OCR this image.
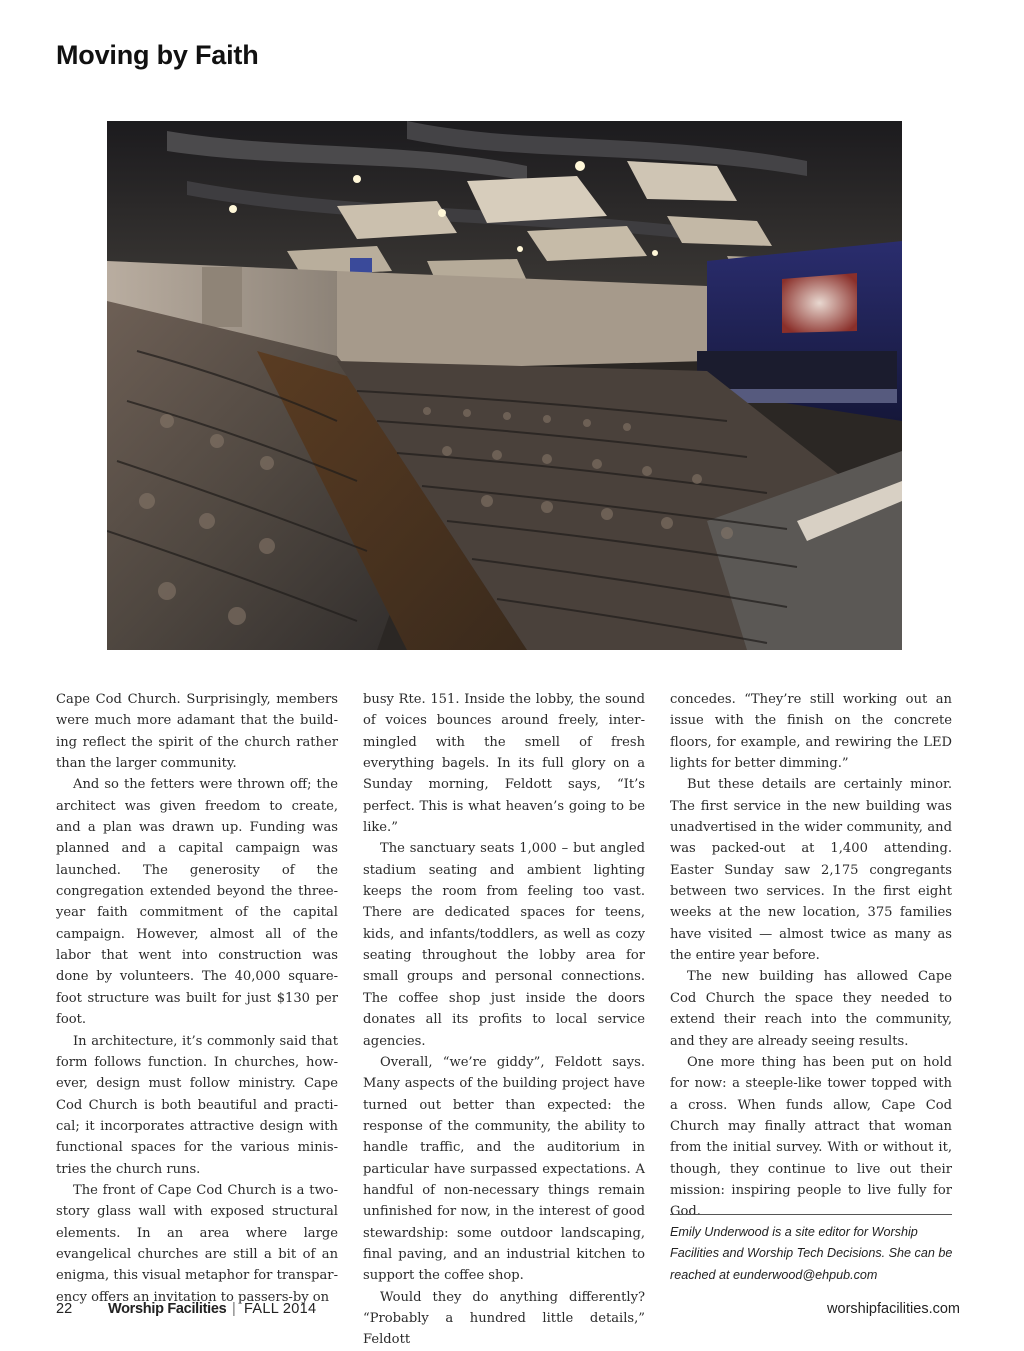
Moving by Faith

Cape Cod Church. Surprisingly, members were much more adamant that the building reflect the spirit of the church rather than the larger community.

And so the fetters were thrown off; the architect was given freedom to create, and a plan was drawn up. Funding was planned and a capital campaign was launched. The generosity of the congregation extended beyond the three-year faith commitment of the capital campaign. However, almost all of the labor that went into construction was done by volunteers. The 40,000 square-foot structure was built for just $130 per foot.

In architecture, it’s commonly said that form follows function. In churches, however, design must follow ministry. Cape Cod Church is both beautiful and practical; it incorporates attractive design with functional spaces for the various ministries the church runs.

The front of Cape Cod Church is a two-story glass wall with exposed structural elements. In an area where large evangelical churches are still a bit of an enigma, this visual metaphor for transparency offers an invitation to passers-by on

busy Rte. 151. Inside the lobby, the sound of voices bounces around freely, intermingled with the smell of fresh everything bagels. In its full glory on a Sunday morning, Feldott says, “It’s perfect. This is what heaven’s going to be like.”

The sanctuary seats 1,000 – but angled stadium seating and ambient lighting keeps the room from feeling too vast. There are dedicated spaces for teens, kids, and infants/toddlers, as well as cozy seating throughout the lobby area for small groups and personal connections. The coffee shop just inside the doors donates all its profits to local service agencies.

Overall, “we’re giddy”, Feldott says. Many aspects of the building project have turned out better than expected: the response of the community, the ability to handle traffic, and the auditorium in particular have surpassed expectations. A handful of non-necessary things remain unfinished for now, in the interest of good stewardship: some outdoor landscaping, final paving, and an industrial kitchen to support the coffee shop.

Would they do anything differently? “Probably a hundred little details,” Feldott

concedes. “They’re still working out an issue with the finish on the concrete floors, for example, and rewiring the LED lights for better dimming.”

But these details are certainly minor. The first service in the new building was unadvertised in the wider community, and was packed-out at 1,400 attending. Easter Sunday saw 2,175 congregants between two services. In the first eight weeks at the new location, 375 families have visited — almost twice as many as the entire year before.

The new building has allowed Cape Cod Church the space they needed to extend their reach into the community, and they are already seeing results.

One more thing has been put on hold for now: a steeple-like tower topped with a cross. When funds allow, Cape Cod Church may finally attract that woman from the initial survey. With or without it, though, they continue to live out their mission: inspiring people to live fully for God.

Emily Underwood is a site editor for Worship Facilities and Worship Tech Decisions. She can be reached at eunderwood@ehpub.com

22 Worship Facilities | FALL 2014	worshipfacilities.com
